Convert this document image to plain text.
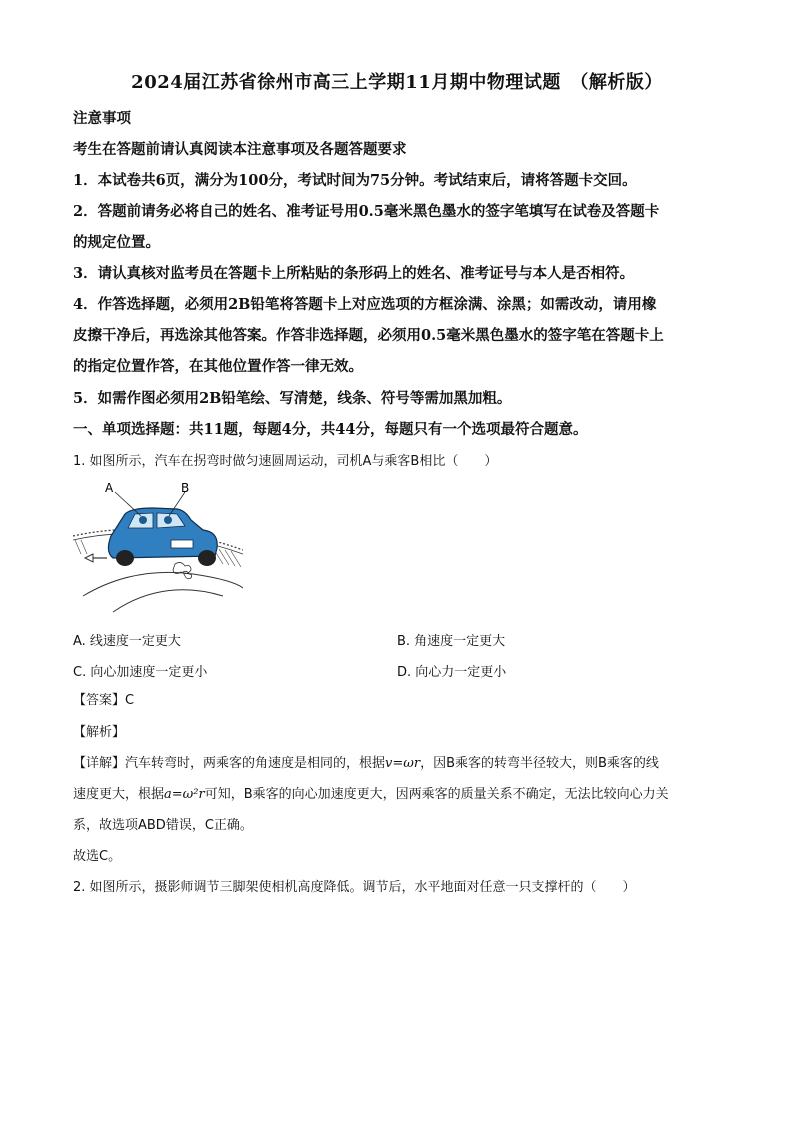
2024届江苏省徐州市高三上学期11月期中物理试题　（解析版）
注意事项
考生在答题前请认真阅读本注意事项及各题答题要求
1．本试卷共6页，满分为100分，考试时间为75分钟。考试结束后，请将答题卡交回。
2．答题前请务必将自己的姓名、准考证号用0.5毫米黑色墨水的签字笔填写在试卷及答题卡
的规定位置。
3．请认真核对监考员在答题卡上所粘贴的条形码上的姓名、准考证号与本人是否相符。
4．作答选择题，必须用2B铅笔将答题卡上对应选项的方框涂满、涂黑；如需改动，请用橡
皮擦干净后，再选涂其他答案。作答非选择题，必须用0.5毫米黑色墨水的签字笔在答题卡上
的指定位置作答，在其他位置作答一律无效。
5．如需作图必须用2B铅笔绘、写清楚，线条、符号等需加黑加粗。
一、单项选择题：共11题，每题4分，共44分，每题只有一个选项最符合题意。
1. 如图所示，汽车在拐弯时做匀速圆周运动，司机A与乘客B相比（　　）
A	B
A. 线速度一定更大	B. 角速度一定更大
C. 向心加速度一定更小	D. 向心力一定更小
【答案】C
【解析】
【详解】汽车转弯时，两乘客的角速度是相同的，根据v=ωr，因B乘客的转弯半径较大，则B乘客的线
速度更大，根据a=ω²r可知，B乘客的向心加速度更大，因两乘客的质量关系不确定，无法比较向心力关
系，故选项ABD错误，C正确。
故选C。
2. 如图所示，摄影师调节三脚架使相机高度降低。调节后，水平地面对任意一只支撑杆的（　　）
